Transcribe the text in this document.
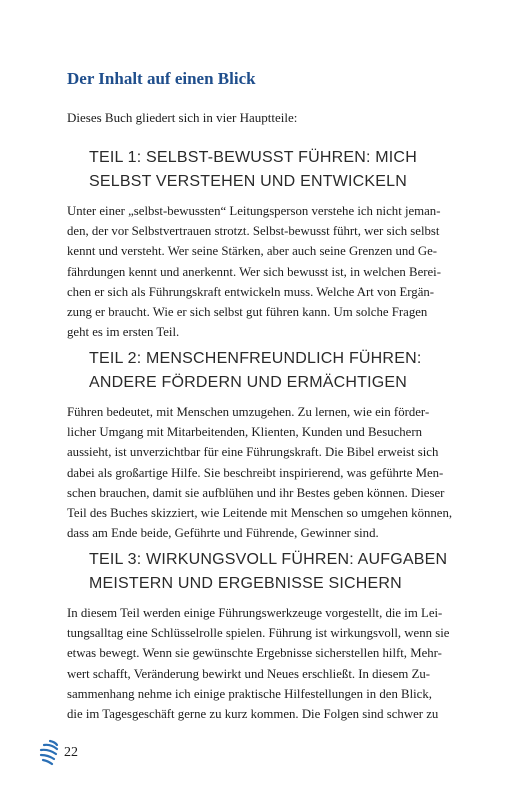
Der Inhalt auf einen Blick

Dieses Buch gliedert sich in vier Hauptteile:

TEIL 1: SELBST-BEWUSST FÜHREN: MICH
SELBST VERSTEHEN UND ENTWICKELN
Unter einer „selbst-bewussten“ Leitungsperson verstehe ich nicht jeman-
den, der vor Selbstvertrauen strotzt. Selbst-bewusst führt, wer sich selbst
kennt und versteht. Wer seine Stärken, aber auch seine Grenzen und Ge-
fährdungen kennt und anerkennt. Wer sich bewusst ist, in welchen Berei-
chen er sich als Führungskraft entwickeln muss. Welche Art von Ergän-
zung er braucht. Wie er sich selbst gut führen kann. Um solche Fragen
geht es im ersten Teil.
TEIL 2: MENSCHENFREUNDLICH FÜHREN:
ANDERE FÖRDERN UND ERMÄCHTIGEN
Führen bedeutet, mit Menschen umzugehen. Zu lernen, wie ein förder-
licher Umgang mit Mitarbeitenden, Klienten, Kunden und Besuchern
aussieht, ist unverzichtbar für eine Führungskraft. Die Bibel erweist sich
dabei als großartige Hilfe. Sie beschreibt inspirierend, was geführte Men-
schen brauchen, damit sie aufblühen und ihr Bestes geben können. Dieser
Teil des Buches skizziert, wie Leitende mit Menschen so umgehen können,
dass am Ende beide, Geführte und Führende, Gewinner sind.
TEIL 3: WIRKUNGSVOLL FÜHREN: AUFGABEN
MEISTERN UND ERGEBNISSE SICHERN
In diesem Teil werden einige Führungswerkzeuge vorgestellt, die im Lei-
tungsalltag eine Schlüsselrolle spielen. Führung ist wirkungsvoll, wenn sie
etwas bewegt. Wenn sie gewünschte Ergebnisse sicherstellen hilft, Mehr-
wert schafft, Veränderung bewirkt und Neues erschließt. In diesem Zu-
sammenhang nehme ich einige praktische Hilfestellungen in den Blick,
die im Tagesgeschäft gerne zu kurz kommen. Die Folgen sind schwer zu
22
